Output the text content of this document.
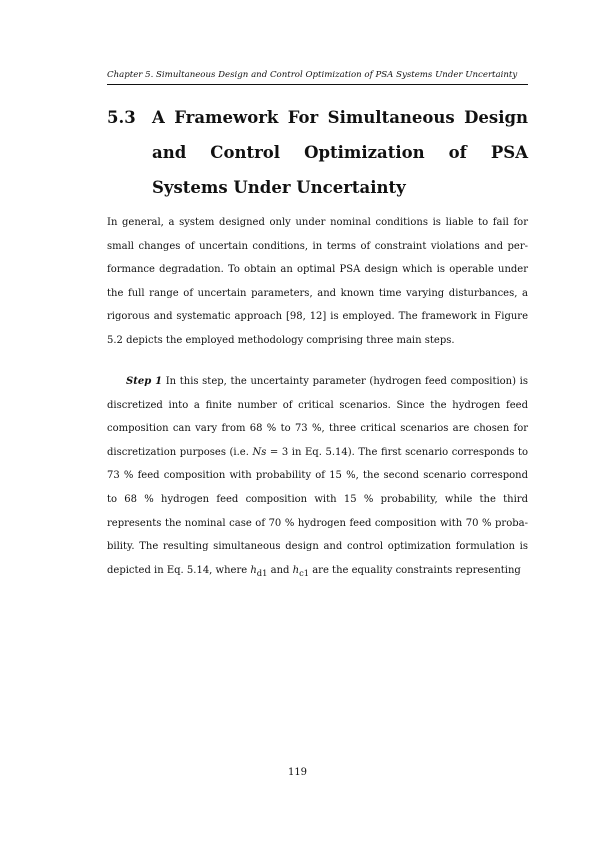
Chapter 5. Simultaneous Design and Control Optimization of PSA Systems Under Uncertainty
5.3 A Framework For Simultaneous Design and Control Optimization of PSA Systems Under Uncertainty

In general, a system designed only under nominal conditions is liable to fail for small changes of uncertain conditions, in terms of constraint violations and performance degradation. To obtain an optimal PSA design which is operable under the full range of uncertain parameters, and known time varying disturbances, a rigorous and systematic approach [98, 12] is employed. The framework in Figure 5.2 depicts the employed methodology comprising three main steps.

Step 1 In this step, the uncertainty parameter (hydrogen feed composition) is discretized into a finite number of critical scenarios. Since the hydrogen feed composition can vary from 68 % to 73 %, three critical scenarios are chosen for discretization purposes (i.e. Ns = 3 in Eq. 5.14). The first scenario corresponds to 73 % feed composition with probability of 15 %, the second scenario correspond to 68 % hydrogen feed composition with 15 % probability, while the third represents the nominal case of 70 % hydrogen feed composition with 70 % probability. The resulting simultaneous design and control optimization formulation is depicted in Eq. 5.14, where $h_{d1}$ and $h_{c1}$ are the equality constraints representing

119
